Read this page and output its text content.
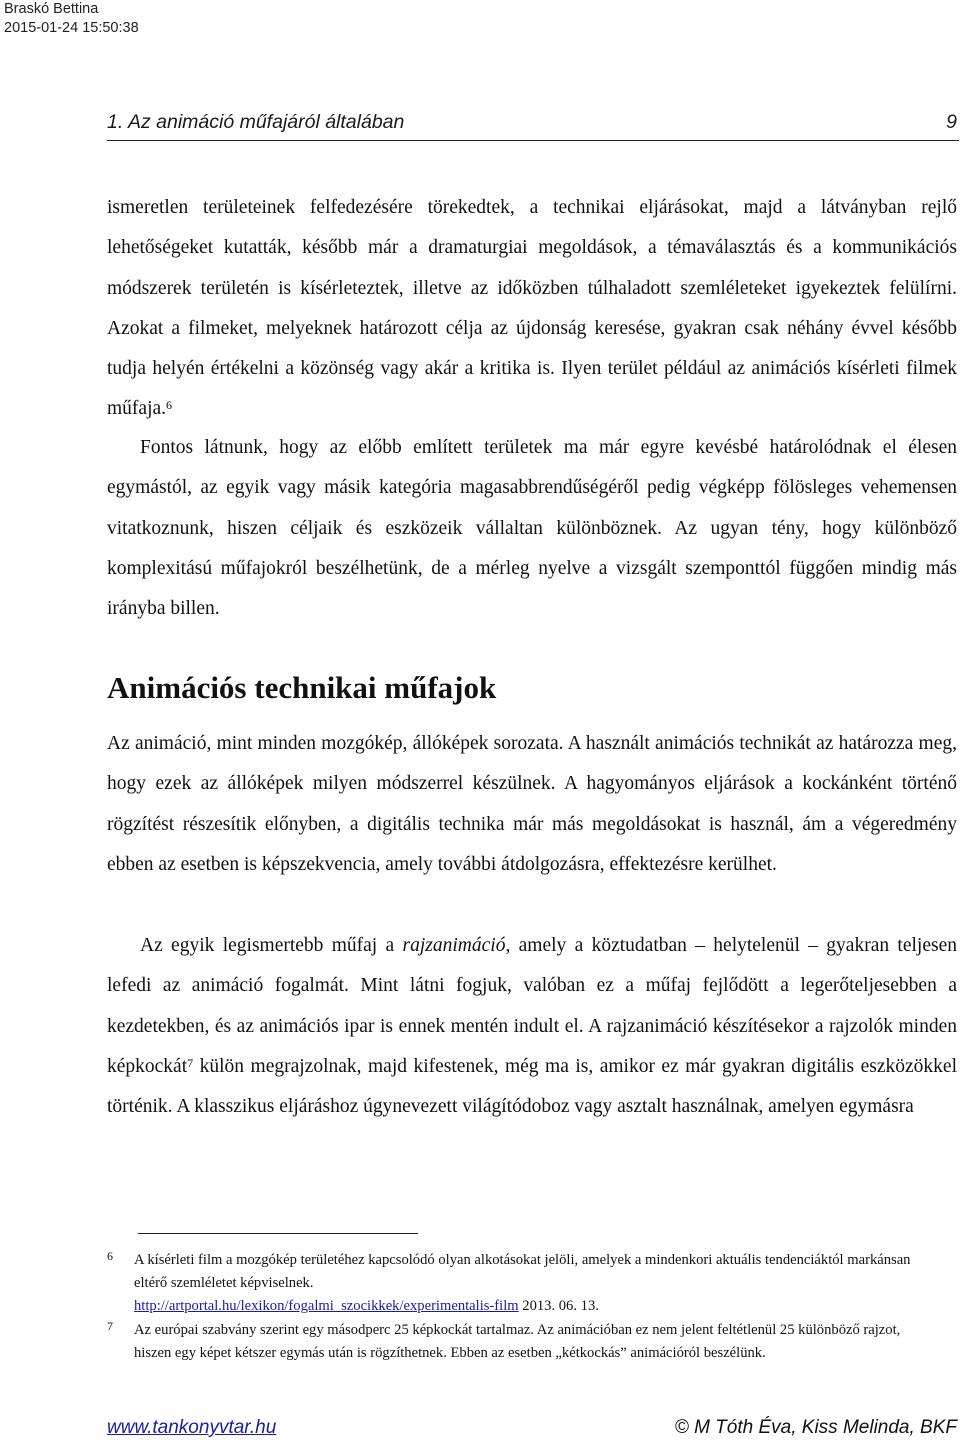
Braskó Bettina
2015-01-24 15:50:38
1. Az animáció műfajáról általában	9

ismeretlen területeinek felfedezésére törekedtek, a technikai eljárásokat, majd a látványban rejlő lehetőségeket kutatták, később már a dramaturgiai megoldások, a témaválasztás és a kommunikációs módszerek területén is kísérleteztek, illetve az időközben túlhaladott szemléleteket igyekeztek felülírni. Azokat a filmeket, melyeknek határozott célja az újdonság keresése, gyakran csak néhány évvel később tudja helyén értékelni a közönség vagy akár a kritika is. Ilyen terület például az animációs kísérleti filmek műfaja.$^6$

Fontos látnunk, hogy az előbb említett területek ma már egyre kevésbé határolódnak el élesen egymástól, az egyik vagy másik kategória magasabbrendűségéről pedig végképp fölösleges vehemensen vitatkoznunk, hiszen céljaik és eszközeik vállaltan különböznek. Az ugyan tény, hogy különböző komplexitású műfajokról beszélhetünk, de a mérleg nyelve a vizsgált szemponttól függően mindig más irányba billen.

Animációs technikai műfajok

Az animáció, mint minden mozgókép, állóképek sorozata. A használt animációs technikát az határozza meg, hogy ezek az állóképek milyen módszerrel készülnek. A hagyományos eljárások a kockánként történő rögzítést részesítik előnyben, a digitális technika már más megoldásokat is használ, ám a végeredmény ebben az esetben is képszekvencia, amely további átdolgozásra, effektezésre kerülhet.

Az egyik legismertebb műfaj a rajzanimáció, amely a köztudatban – helytelenül – gyakran teljesen lefedi az animáció fogalmát. Mint látni fogjuk, valóban ez a műfaj fejlődött a legerőteljesebben a kezdetekben, és az animációs ipar is ennek mentén indult el. A rajzanimáció készítésekor a rajzolók minden képkockát$^7$ külön megrajzolnak, majd kifestenek, még ma is, amikor ez már gyakran digitális eszközökkel történik. A klasszikus eljáráshoz úgynevezett világítódoboz vagy asztalt használnak, amelyen egymásra

6 A kísérleti film a mozgókép területéhez kapcsolódó olyan alkotásokat jelöli, amelyek a mindenkori aktuális tendenciáktól markánsan eltérő szemléletet képviselnek.
http://artportal.hu/lexikon/fogalmi_szocikkek/experimentalis-film 2013. 06. 13.
7 Az európai szabvány szerint egy másodperc 25 képkockát tartalmaz. Az animációban ez nem jelent feltétlenül 25 különböző rajzot, hiszen egy képet kétszer egymás után is rögzíthetnek. Ebben az esetben „kétkockás” animációról beszélünk.
www.tankonyvtar.hu	© M Tóth Éva, Kiss Melinda, BKF
